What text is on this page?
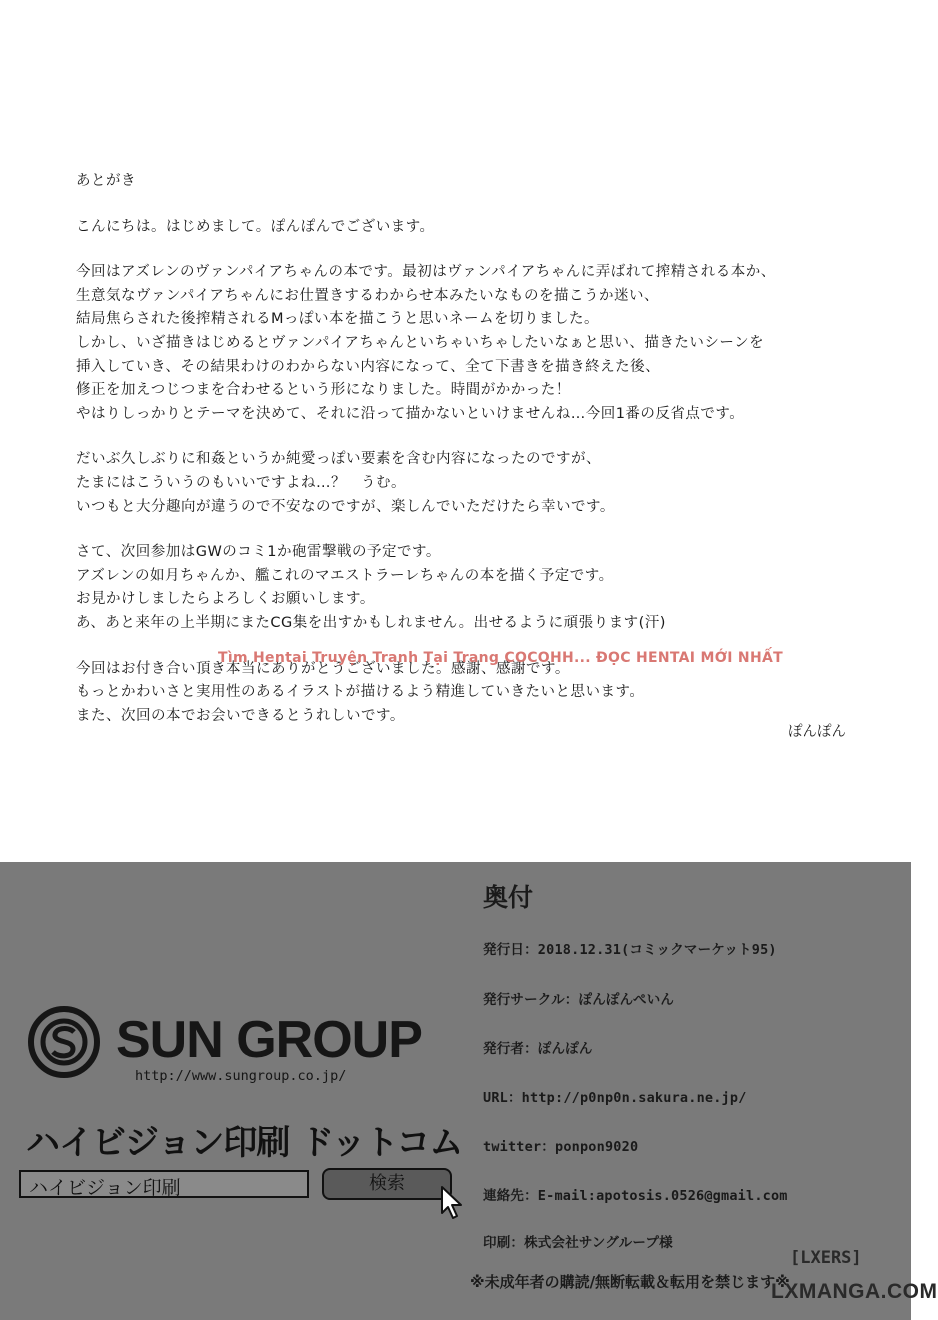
あとがき
こんにちは。はじめまして。ぽんぽんでございます。
今回はアズレンのヴァンパイアちゃんの本です。最初はヴァンパイアちゃんに弄ばれて搾精される本か、
生意気なヴァンパイアちゃんにお仕置きするわからせ本みたいなものを描こうか迷い、
結局焦らされた後搾精されるMっぽい本を描こうと思いネームを切りました。
しかし、いざ描きはじめるとヴァンパイアちゃんといちゃいちゃしたいなぁと思い、描きたいシーンを
挿入していき、その結果わけのわからない内容になって、全て下書きを描き終えた後、
修正を加えつじつまを合わせるという形になりました。時間がかかった！
やはりしっかりとテーマを決めて、それに沿って描かないといけませんね…今回1番の反省点です。
だいぶ久しぶりに和姦というか純愛っぽい要素を含む内容になったのですが、
たまにはこういうのもいいですよね…？　うむ。
いつもと大分趣向が違うので不安なのですが、楽しんでいただけたら幸いです。
さて、次回参加はGWのコミ1か砲雷撃戦の予定です。
アズレンの如月ちゃんか、艦これのマエストラーレちゃんの本を描く予定です。
お見かけしましたらよろしくお願いします。
あ、あと来年の上半期にまたCG集を出すかもしれません。出せるように頑張ります(汗)
今回はお付き合い頂き本当にありがとうございました。感謝、感謝です。
もっとかわいさと実用性のあるイラストが描けるよう精進していきたいと思います。
また、次回の本でお会いできるとうれしいです。
Tìm Hentai Truyện Tranh Tại Trang COCOHH... ĐỌC HENTAI MỚI NHẤT
ぽんぽん
SUN GROUP
http://www.sungroup.co.jp/
ハイビジョン印刷 ドットコム
ハイビジョン印刷	検索
奥付
発行日：2018.12.31(コミックマーケット95)
発行サークル：ぽんぽんぺいん
発行者：ぽんぽん
URL：http://p0np0n.sakura.ne.jp/
twitter：ponpon9020
連絡先：E-mail:apotosis.0526@gmail.com
印刷：株式会社サングループ様
※未成年者の購読/無断転載＆転用を禁じます※
[LXERS]
LXMANGA.COM
